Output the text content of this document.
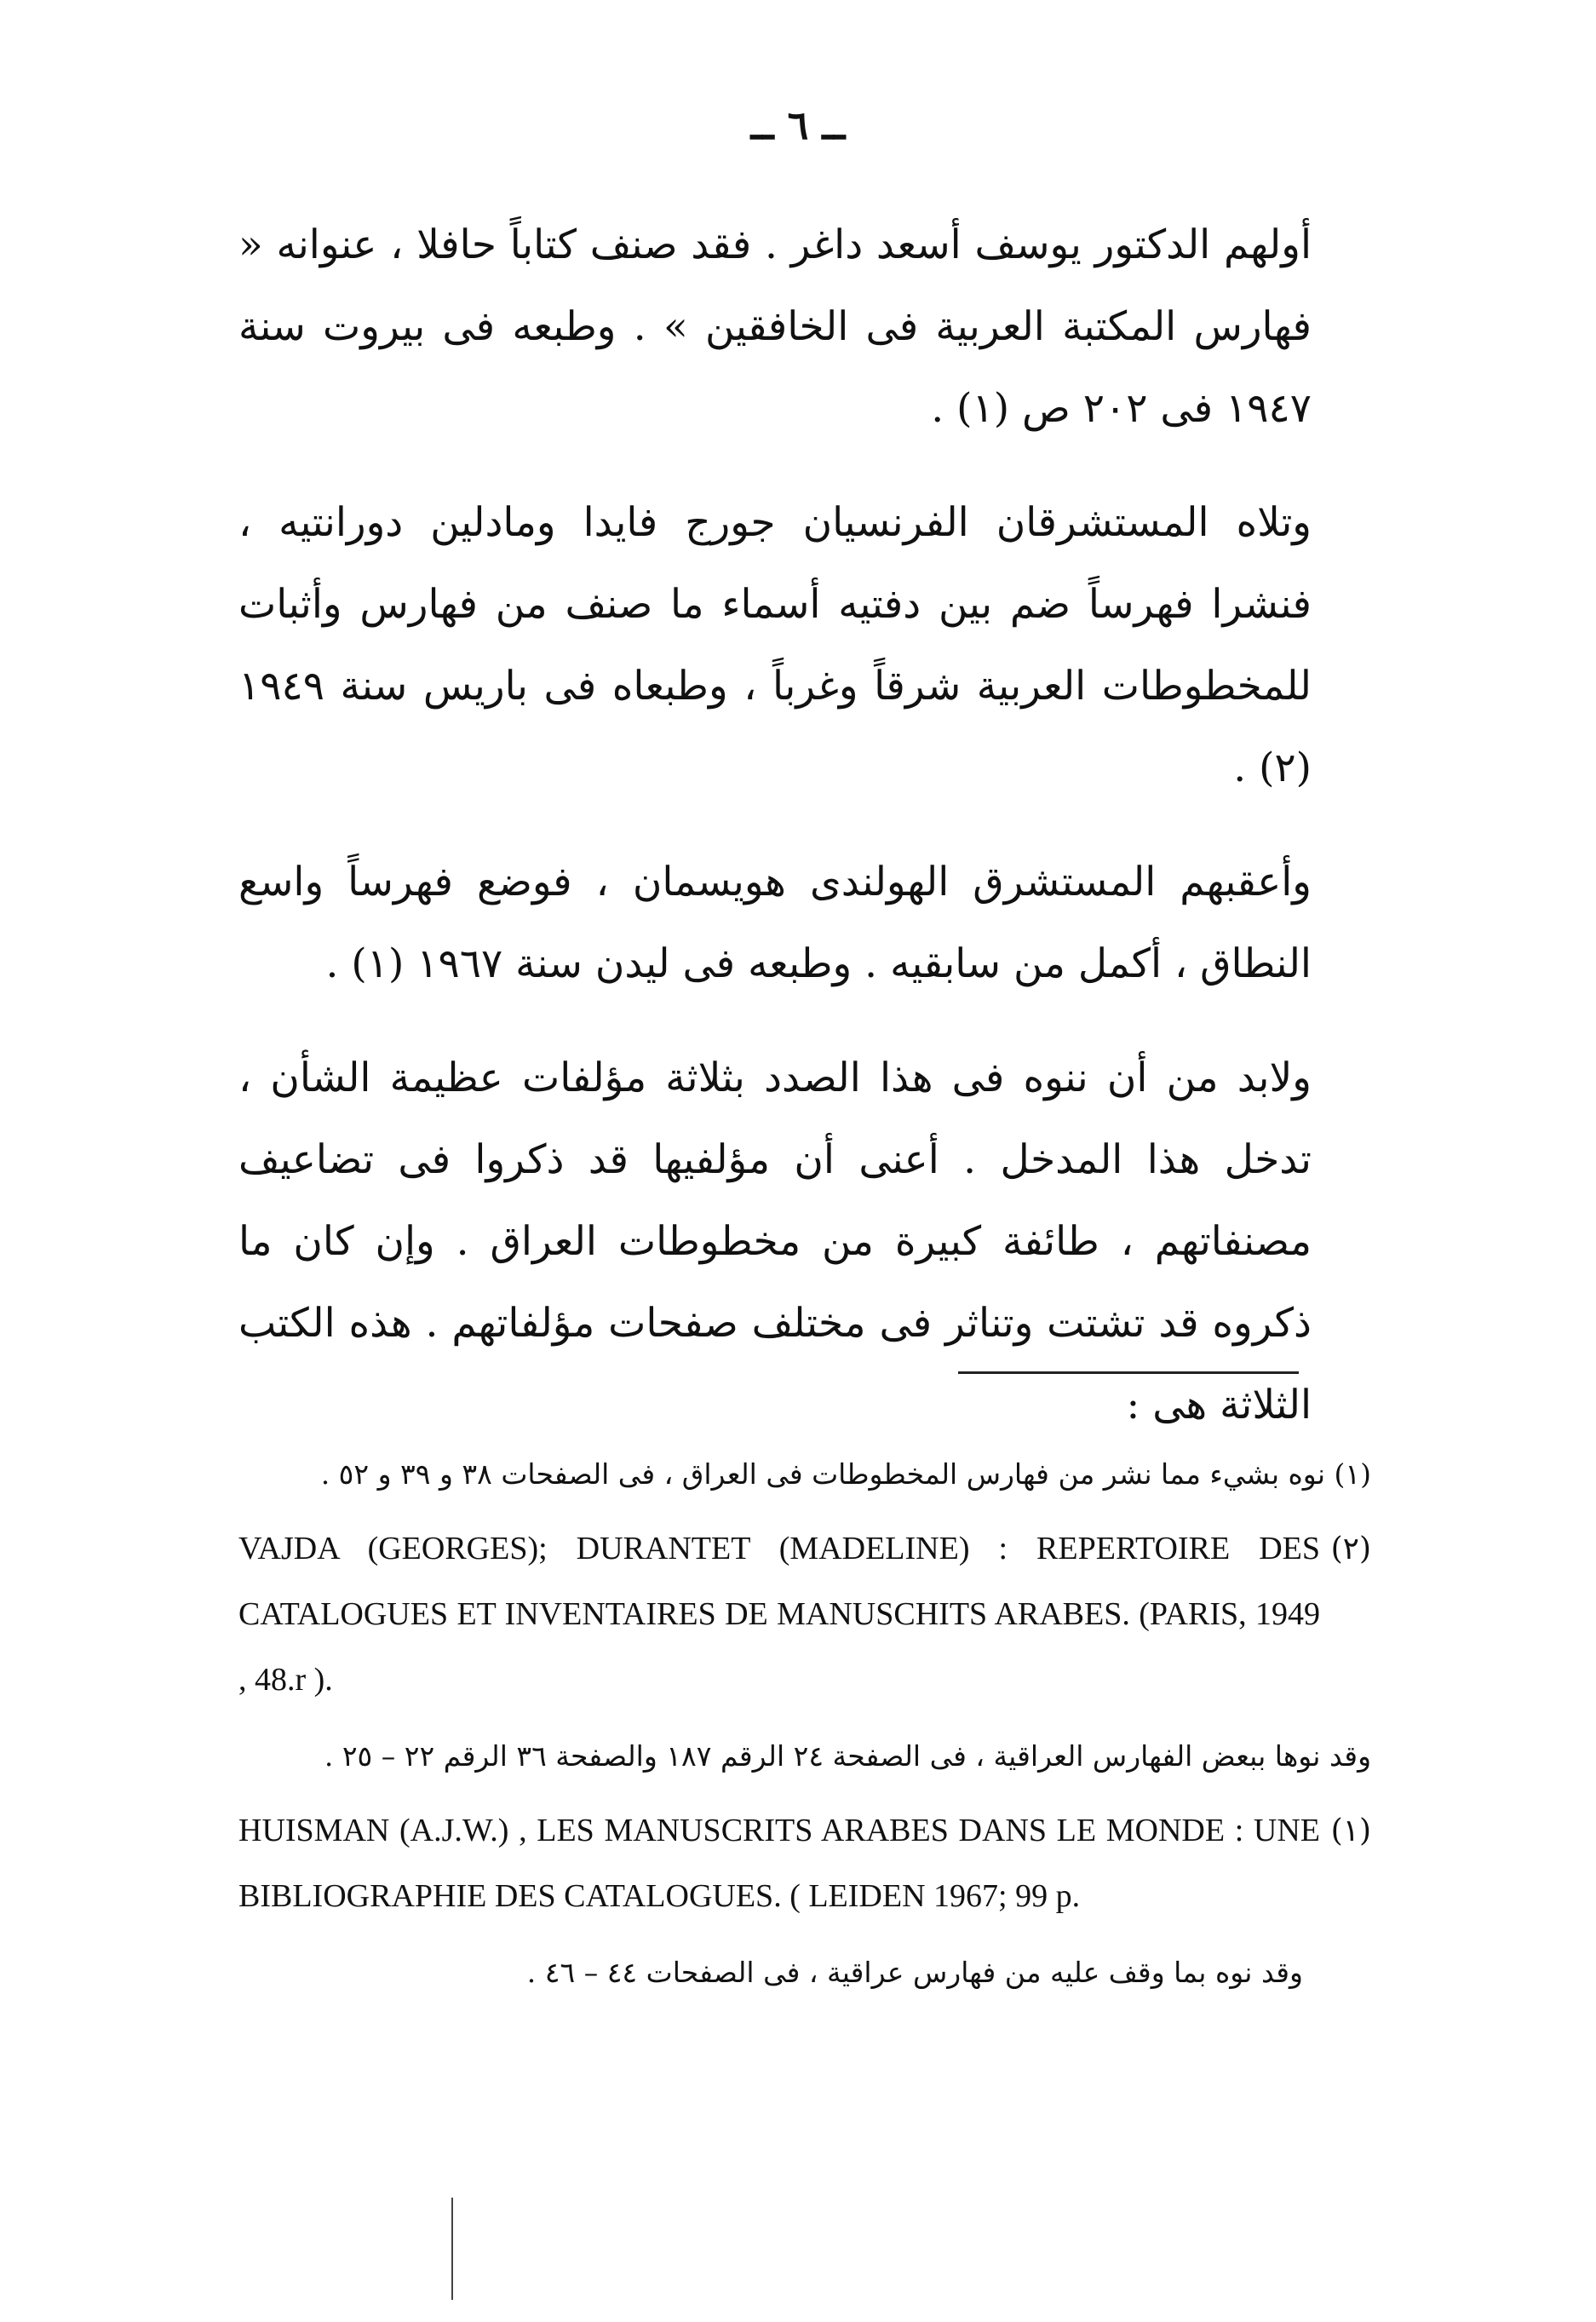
ــ ٦ ــ

أولهم الدكتور يوسف أسعد داغر . فقد صنف كتاباً حافلا ، عنوانه « فهارس المكتبة العربية فى الخافقين » . وطبعه فى بيروت سنة ١٩٤٧ فى ٢٠٢ ص (١) .

وتلاه المستشرقان الفرنسيان جورج فايدا ومادلين دورانتيه ، فنشرا فهرساً ضم بين دفتيه أسماء ما صنف من فهارس وأثبات للمخطوطات العربية شرقاً وغرباً ، وطبعاه فى باريس سنة ١٩٤٩ (٢) .

وأعقبهم المستشرق الهولندى هويسمان ، فوضع فهرساً واسع النطاق ، أكمل من سابقيه . وطبعه فى ليدن سنة ١٩٦٧ (١) .

ولابد من أن ننوه فى هذا الصدد بثلاثة مؤلفات عظيمة الشأن ، تدخل هذا المدخل . أعنى أن مؤلفيها قد ذكروا فى تضاعيف مصنفاتهم ، طائفة كبيرة من مخطوطات العراق . وإن كان ما ذكروه قد تشتت وتناثر فى مختلف صفحات مؤلفاتهم . هذه الكتب الثلاثة هى :

(١) نوه بشيء مما نشر من فهارس المخطوطات فى العراق ، فى الصفحات ٣٨ و ٣٩ و ٥٢ .

(٢)

VAJDA (GEORGES); DURANTET (MADELINE) : REPERTOIRE DES CATALOGUES ET INVENTAIRES DE MANUSCHITS ARABES. (PARIS, 1949 , 48.r ).

وقد نوها ببعض الفهارس العراقية ، فى الصفحة ٢٤ الرقم ١٨٧ والصفحة ٣٦ الرقم ٢٢ – ٢٥ .

(١)

HUISMAN (A.J.W.) , LES MANUSCRITS ARABES DANS LE MONDE : UNE BIBLIOGRAPHIE DES CATALOGUES. ( LEIDEN 1967; 99 p.

وقد نوه بما وقف عليه من فهارس عراقية ، فى الصفحات ٤٤ – ٤٦ .
